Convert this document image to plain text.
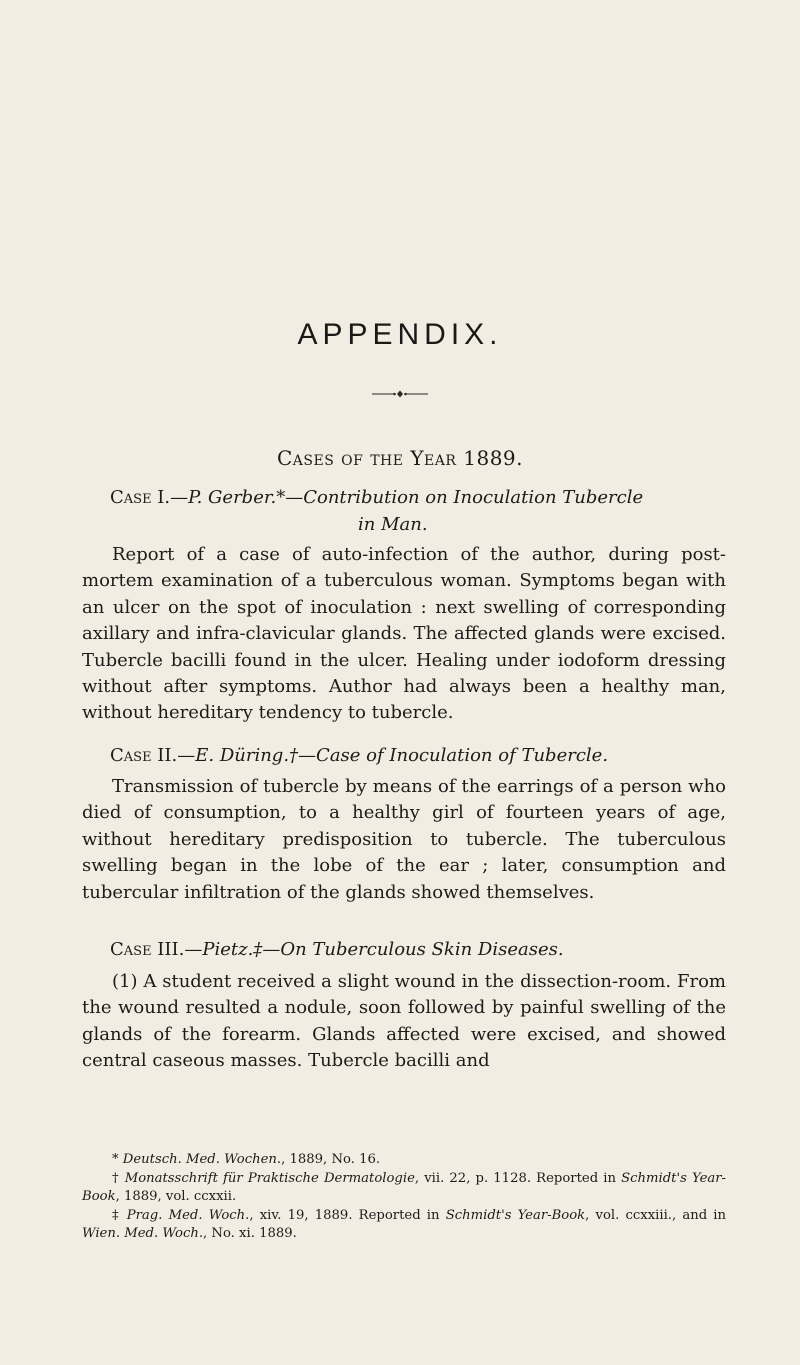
APPENDIX.
Cases of the Year 1889.
Case I.—P. Gerber.*—Contribution on Inoculation Tubercle
in Man.
Report of a case of auto-infection of the author, during post-mortem examination of a tuberculous woman. Symptoms began with an ulcer on the spot of inoculation : next swelling of corresponding axillary and infra-clavicular glands. The affected glands were excised. Tubercle bacilli found in the ulcer. Healing under iodoform dressing without after symptoms. Author had always been a healthy man, without hereditary tendency to tubercle.
Case II.—E. Düring.†—Case of Inoculation of Tubercle.
Transmission of tubercle by means of the earrings of a person who died of consumption, to a healthy girl of fourteen years of age, without hereditary predisposition to tubercle. The tuberculous swelling began in the lobe of the ear ; later, consumption and tubercular infiltration of the glands showed themselves.
Case III.—Pietz.‡—On Tuberculous Skin Diseases.
(1) A student received a slight wound in the dissection-room. From the wound resulted a nodule, soon followed by painful swelling of the glands of the forearm. Glands affected were excised, and showed central caseous masses. Tubercle bacilli and

* Deutsch. Med. Wochen., 1889, No. 16.

† Monatsschrift für Praktische Dermatologie, vii. 22, p. 1128. Reported in Schmidt's Year-Book, 1889, vol. ccxxii.

‡ Prag. Med. Woch., xiv. 19, 1889. Reported in Schmidt's Year-Book, vol. ccxxiii., and in Wien. Med. Woch., No. xi. 1889.
